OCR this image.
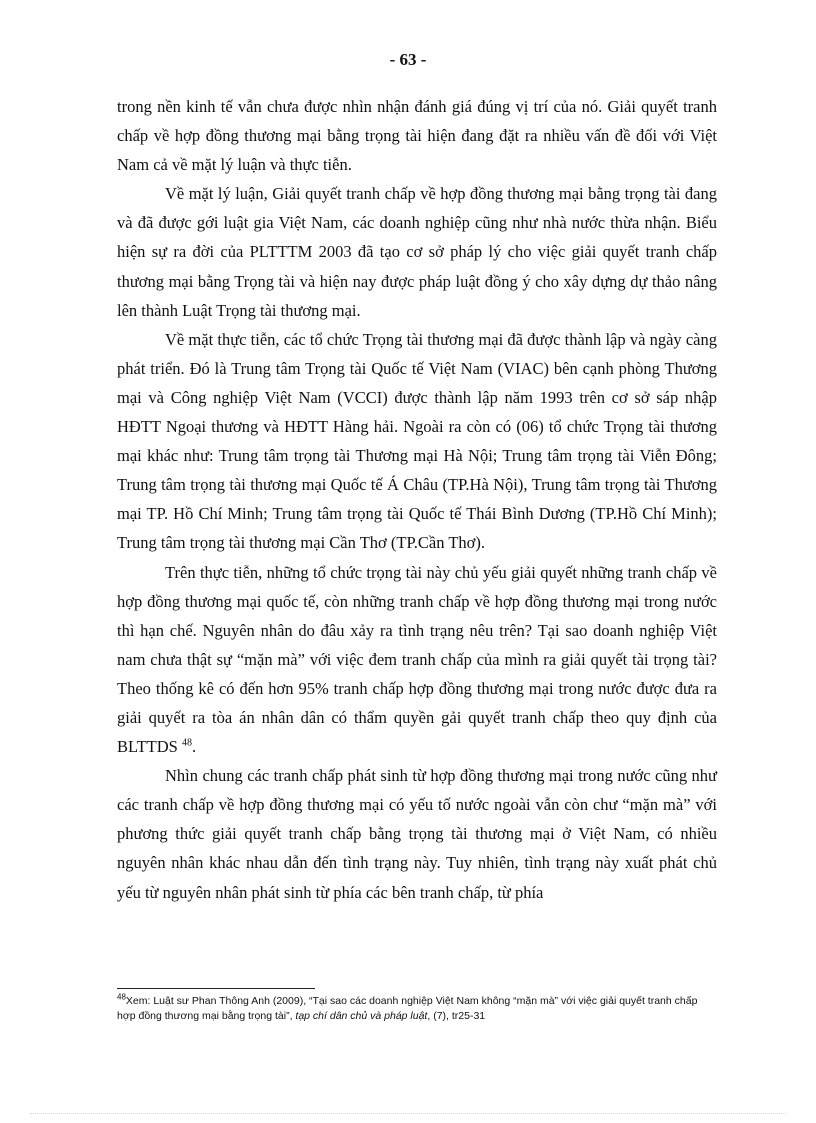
- 63 -

trong nền kinh tế vẫn chưa được nhìn nhận đánh giá đúng vị trí của nó. Giải quyết tranh chấp về hợp đồng thương mại bằng trọng tài hiện đang đặt ra nhiều vấn đề đối với Việt Nam cả về mặt lý luận và thực tiễn.

Về mặt lý luận, Giải quyết tranh chấp về hợp đồng thương mại bằng trọng tài đang và đã được gới luật gia Việt Nam, các doanh nghiệp cũng như nhà nước thừa nhận. Biểu hiện sự ra đời của PLTTTM 2003 đã tạo cơ sở pháp lý cho việc giải quyết tranh chấp thương mại bằng Trọng tài và hiện nay được pháp luật đồng ý cho xây dựng dự thảo nâng lên thành Luật Trọng tài thương mại.

Về mặt thực tiễn, các tổ chức Trọng tài thương mại đã được thành lập và ngày càng phát triển. Đó là Trung tâm Trọng tài Quốc tế Việt Nam (VIAC) bên cạnh phòng Thương mại và Công nghiệp Việt Nam (VCCI) được thành lập năm 1993 trên cơ sở sáp nhập HĐTT Ngoại thương và HĐTT Hàng hải. Ngoài ra còn có (06) tổ chức Trọng tài thương mại khác như: Trung tâm trọng tài Thương mại Hà Nội; Trung tâm trọng tài Viễn Đông; Trung tâm trọng tài thương mại Quốc tế Á Châu (TP.Hà Nội), Trung tâm trọng tài Thương mại TP. Hồ Chí Minh; Trung tâm trọng tài Quốc tế Thái Bình Dương (TP.Hồ Chí Minh); Trung tâm trọng tài thương mại Cần Thơ (TP.Cần Thơ).

Trên thực tiễn, những tổ chức trọng tài này chủ yếu giải quyết những tranh chấp về hợp đồng thương mại quốc tế, còn những tranh chấp về hợp đồng thương mại trong nước thì hạn chế. Nguyên nhân do đâu xảy ra tình trạng nêu trên? Tại sao doanh nghiệp Việt nam chưa thật sự “mặn mà” với việc đem tranh chấp của mình ra giải quyết tài trọng tài? Theo thống kê có đến hơn 95% tranh chấp hợp đồng thương mại trong nước được đưa ra giải quyết ra tòa án nhân dân có thẩm quyền gải quyết tranh chấp theo quy định của BLTTDS $^{48}$.

Nhìn chung các tranh chấp phát sinh từ hợp đồng thương mại trong nước cũng như các tranh chấp về hợp đồng thương mại có yếu tố nước ngoài vẫn còn chư “mặn mà” với phương thức giải quyết tranh chấp bằng trọng tài thương mại ở Việt Nam, có nhiều nguyên nhân khác nhau dẫn đến tình trạng này. Tuy nhiên, tình trạng này xuất phát chủ yếu từ nguyên nhân phát sinh từ phía các bên tranh chấp, từ phía

$^{48}$Xem: Luật sư Phan Thông Anh (2009), “Tại sao các doanh nghiệp Việt Nam không “mặn mà” với việc giải quyết tranh chấp hợp đồng thương mại bằng trọng tài”, tạp chí dân chủ và pháp luật, (7), tr25-31
